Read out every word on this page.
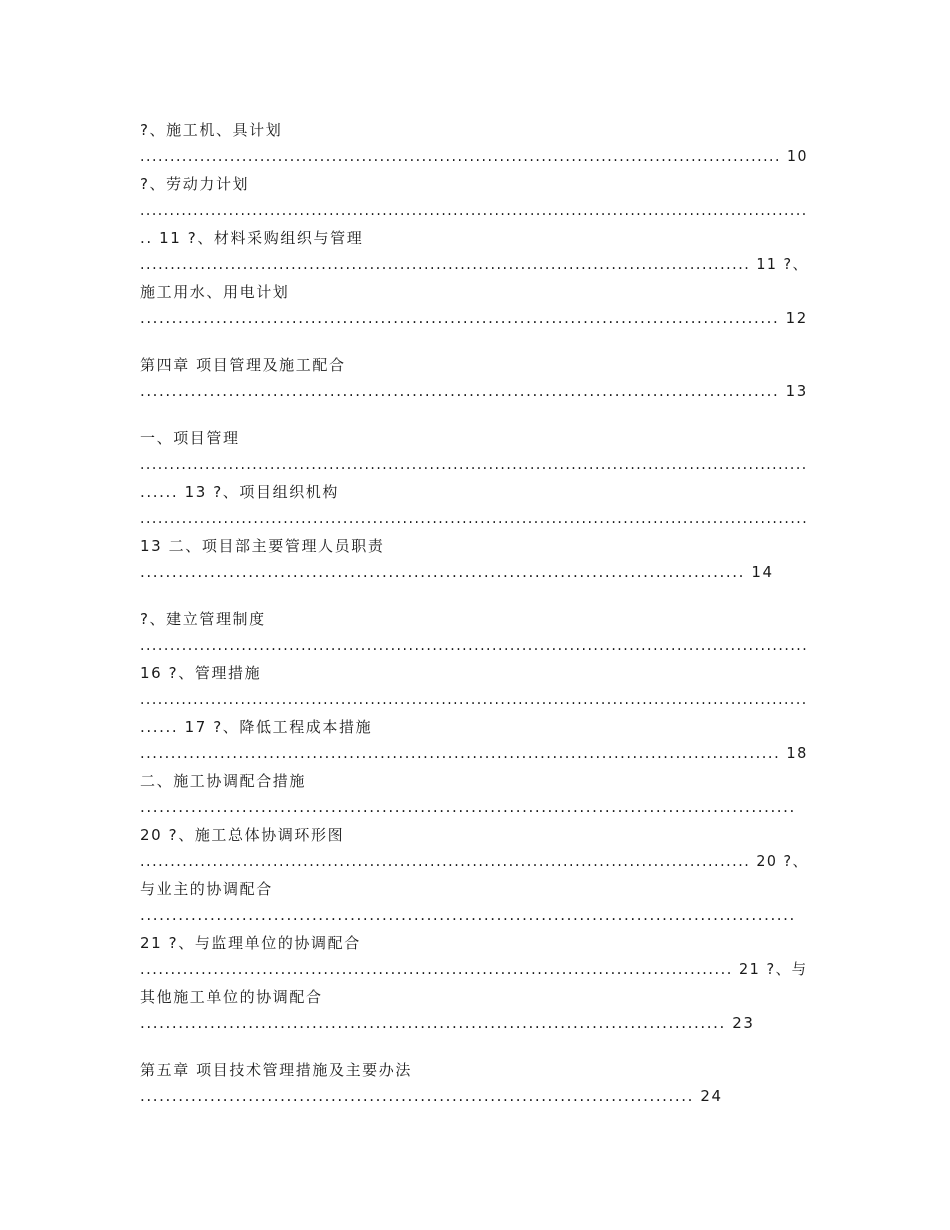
?、施工机、具计划
........................................................................................................... 10
?、劳动力计划
.................................................................................................................
.. 11 ?、材料采购组织与管理
..................................................................................................... 11 ?、
施工用水、用电计划
..................................................................................................... 12
第四章 项目管理及施工配合
..................................................................................................... 13
一、项目管理
.................................................................................................................
...... 13 ?、项目组织机构
................................................................................................................
13 二、项目部主要管理人员职责
............................................................................................... 14
?、建立管理制度
................................................................................................................
16 ?、管理措施
.................................................................................................................
...... 17 ?、降低工程成本措施
........................................................................................................ 18
二、施工协调配合措施
.......................................................................................................
20 ?、施工总体协调环形图
..................................................................................................... 20 ?、
与业主的协调配合
.......................................................................................................
21 ?、与监理单位的协调配合
................................................................................................. 21 ?、与
其他施工单位的协调配合
............................................................................................ 23
第五章 项目技术管理措施及主要办法
....................................................................................... 24
